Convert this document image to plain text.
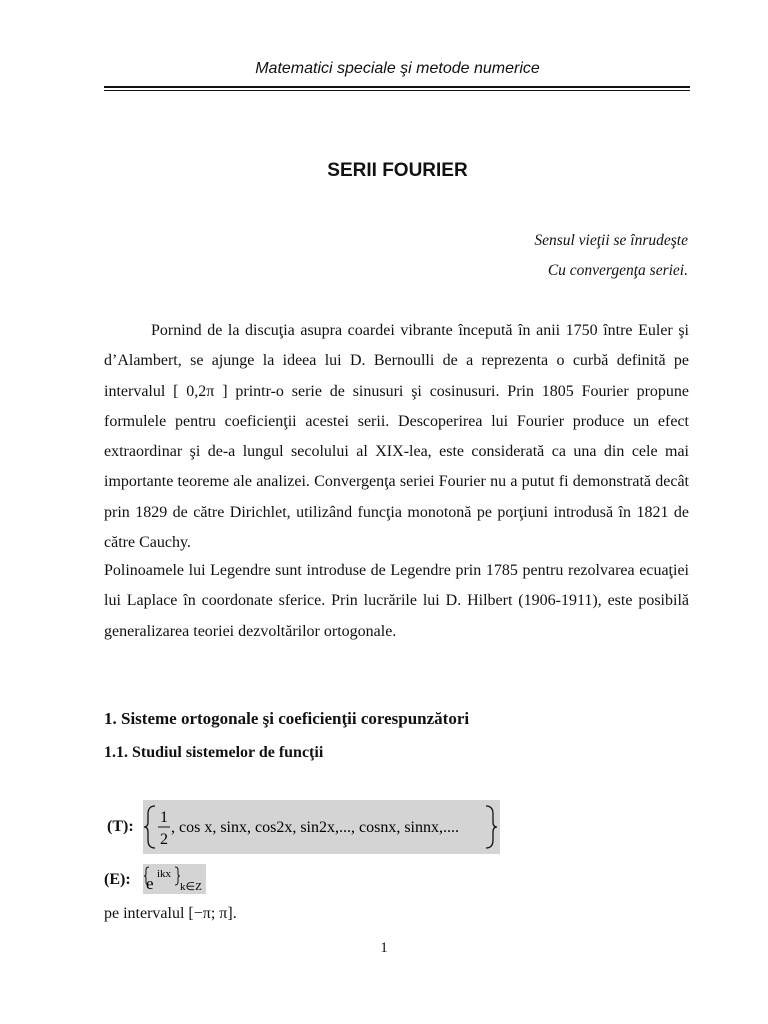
Matematici speciale şi metode numerice
SERII FOURIER
Sensul vieţii se înrudeşte
Cu convergenţa seriei.

Pornind de la discuţia asupra coardei vibrante începută în anii 1750 între Euler şi d’Alambert, se ajunge la ideea lui D. Bernoulli de a reprezenta o curbă definită pe intervalul [ 0,2π ] printr-o serie de sinusuri şi cosinusuri. Prin 1805 Fourier propune formulele pentru coeficienţii acestei serii. Descoperirea lui Fourier produce un efect extraordinar şi de-a lungul secolului al XIX-lea, este considerată ca una din cele mai importante teoreme ale analizei. Convergenţa seriei Fourier nu a putut fi demonstrată decât prin 1829 de către Dirichlet, utilizând funcţia monotonă pe porţiuni introdusă în 1821 de către Cauchy.

Polinoamele lui Legendre sunt introduse de Legendre prin 1785 pentru rezolvarea ecuaţiei lui Laplace în coordonate sferice. Prin lucrările lui D. Hilbert (1906-1911), este posibilă generalizarea teoriei dezvoltărilor ortogonale.

1. Sisteme ortogonale şi coeficienţii corespunzători
1.1. Studiul sistemelor de funcţii
(T):
1
2
, cos x, sinx, cos2x, sin2x,..., cosnx, sinnx,....
(E): e ikx
k∈Z
pe intervalul [−π; π].
1
